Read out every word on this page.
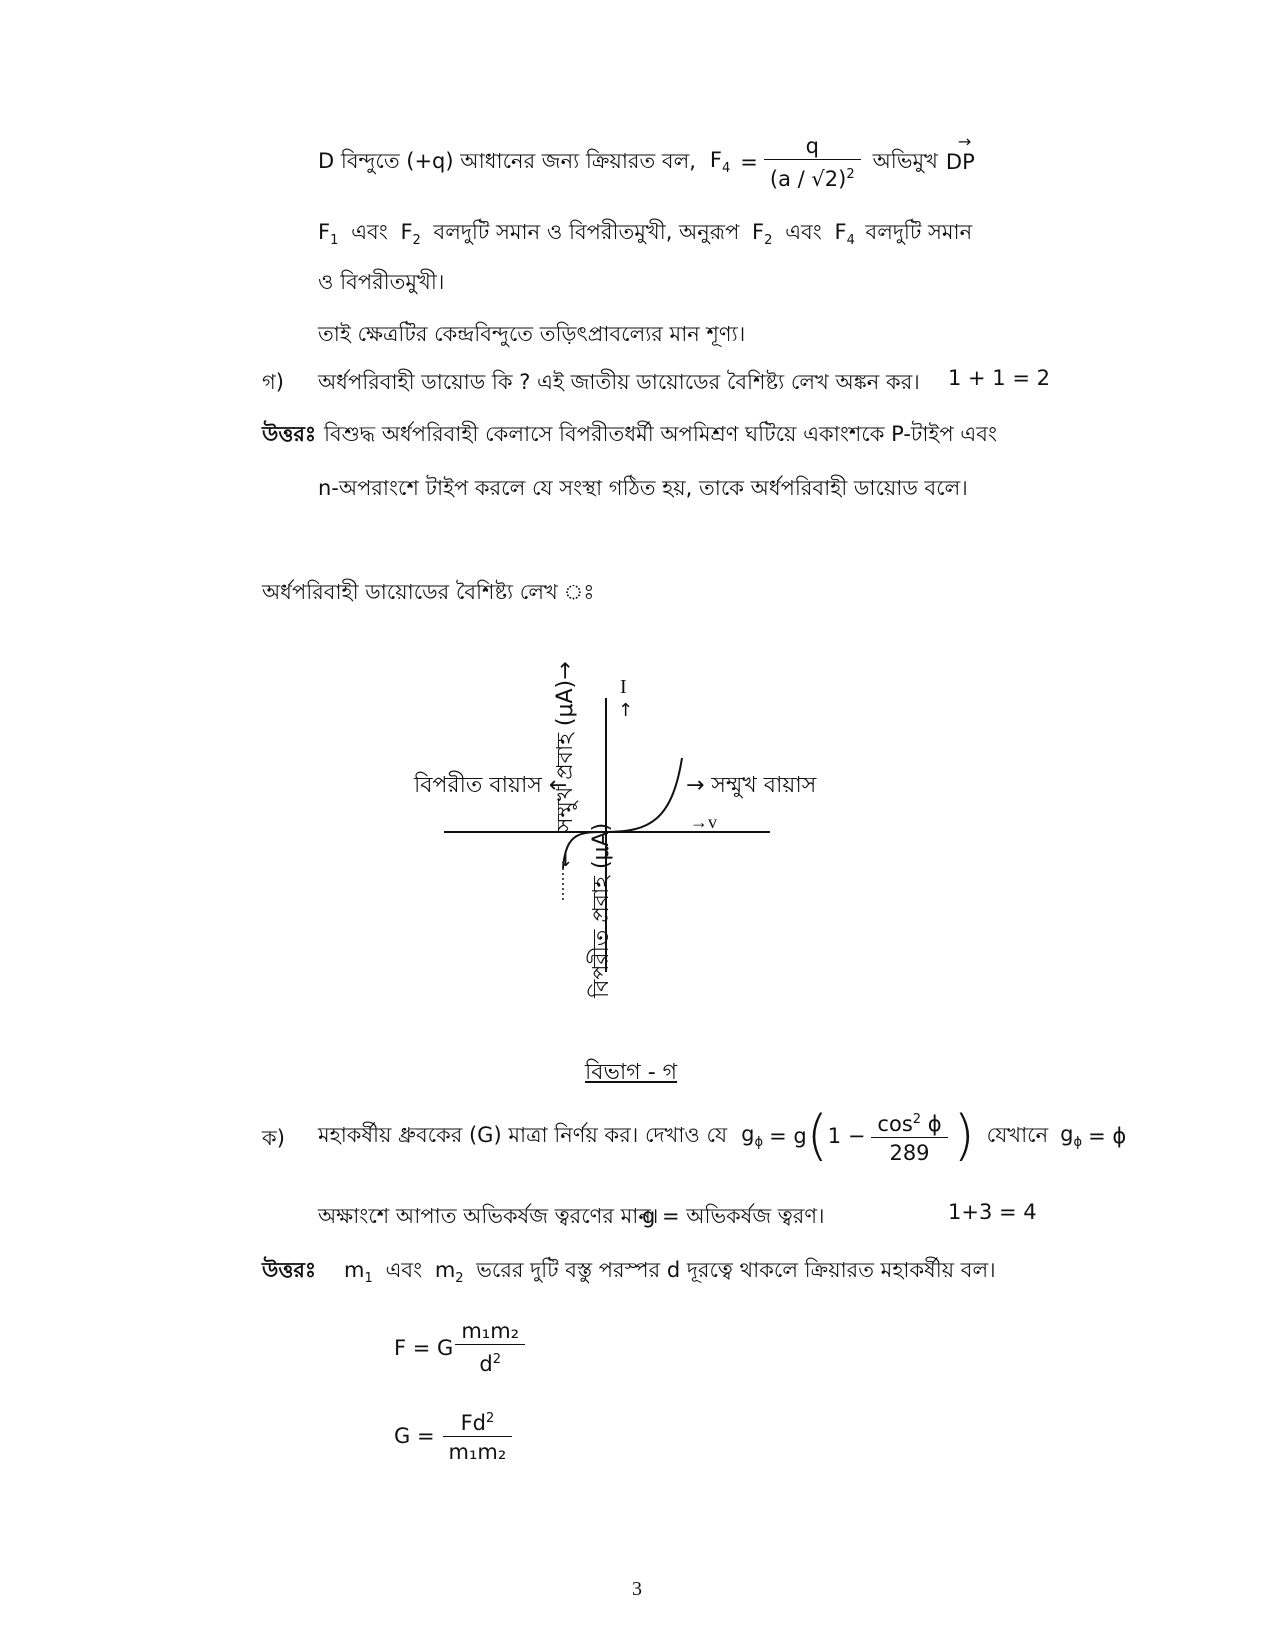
D বিন্দুতে (+q) আধানের জন্য ক্রিয়ারত বল, $F_4 = \frac{q}{(a / √2)^2}$ অভিমুখ
→ DP
$F_1$ এবং $F_2$ বলদুটি সমান ও বিপরীতমুখী, অনুরূপ $F_2$ এবং $F_4$ বলদুটি সমান
ও বিপরীতমুখী।
তাই ক্ষেত্রটির কেন্দ্রবিন্দুতে তড়িৎপ্রাবল্যের মান শূণ্য।
গ) অর্ধপরিবাহী ডায়োড কি ? এই জাতীয় ডায়োডের বৈশিষ্ট্য লেখ অঙ্কন কর। 1 + 1 = 2
উত্তরঃ বিশুদ্ধ অর্ধপরিবাহী কেলাসে বিপরীতধর্মী অপমিশ্রণ ঘটিয়ে একাংশকে P-টাইপ এবং
n-অপরাংশে টাইপ করলে যে সংস্থা গঠিত হয়, তাকে অর্ধপরিবাহী ডায়োড বলে।
অর্ধপরিবাহী ডায়োডের বৈশিষ্ট্য লেখ ঃ
সম্মুখ প্রবাহ (μA)→	I
↑
বিপরীত বায়াস ←	→ সম্মুখ বায়াস
→v
↓ বিপরীত প্রবাহ (μA)
বিভাগ - গ
ক) মহাকর্ষীয় ধ্রুবকের (G) মাত্রা নির্ণয় কর। দেখাও যে $g_\phi = g$ ( $1 - \frac{\cos^2 \phi}{289}$ ) যেখানে $g_\phi = \phi$
অক্ষাংশে আপাত অভিকর্ষজ ত্বরণের মান।
g = অভিকর্ষজ ত্বরণ।	1+3 = 4
উত্তরঃ $m_1$ এবং $m_2$ ভরের দুটি বস্তু পরস্পর d দূরত্বে থাকলে ক্রিয়ারত মহাকর্ষীয় বল।
F = G $\frac{\text{m₁m₂}}{d^2}$
$G = \frac{Fd^2}{\text{m₁m₂}}$
3
